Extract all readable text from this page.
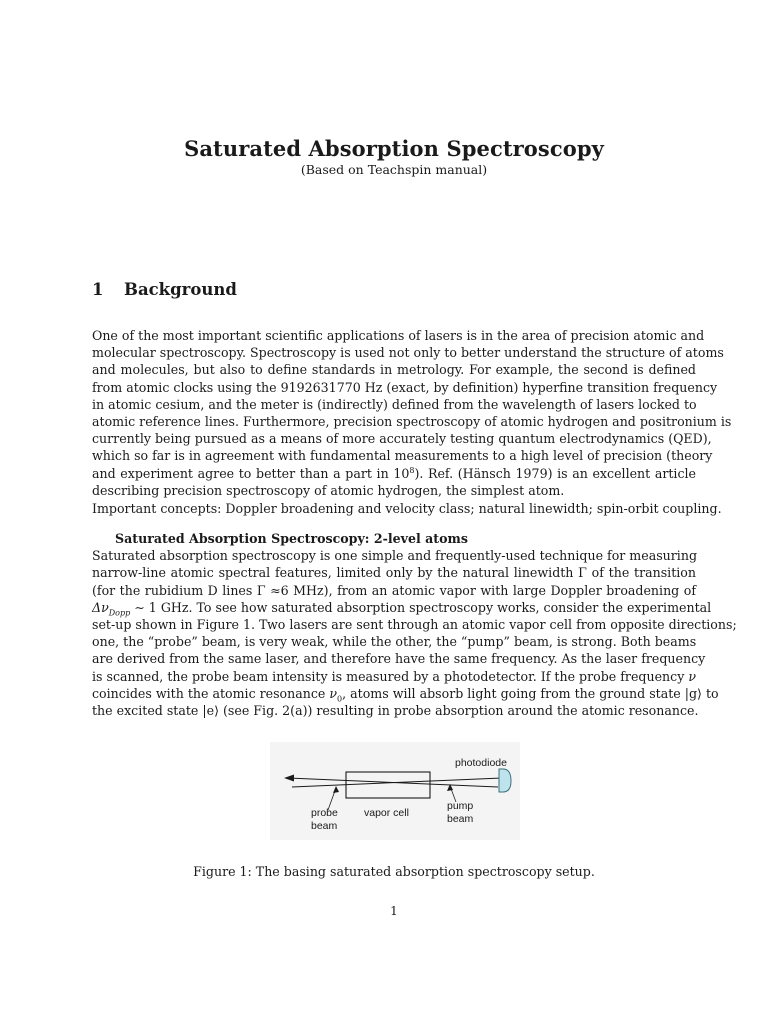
Saturated Absorption Spectroscopy
(Based on Teachspin manual)
1 Background
One of the most important scientific applications of lasers is in the area of precision atomic and
molecular spectroscopy. Spectroscopy is used not only to better understand the structure of atoms
and molecules, but also to define standards in metrology. For example, the second is defined
from atomic clocks using the 9192631770 Hz (exact, by definition) hyperfine transition frequency
in atomic cesium, and the meter is (indirectly) defined from the wavelength of lasers locked to
atomic reference lines. Furthermore, precision spectroscopy of atomic hydrogen and positronium is
currently being pursued as a means of more accurately testing quantum electrodynamics (QED),
which so far is in agreement with fundamental measurements to a high level of precision (theory
and experiment agree to better than a part in $10^8$). Ref. (Hänsch 1979) is an excellent article
describing precision spectroscopy of atomic hydrogen, the simplest atom.
Important concepts: Doppler broadening and velocity class; natural linewidth; spin-orbit coupling.
Saturated Absorption Spectroscopy: 2-level atoms
Saturated absorption spectroscopy is one simple and frequently-used technique for measuring
narrow-line atomic spectral features, limited only by the natural linewidth Γ of the transition
(for the rubidium D lines Γ ≈6 MHz), from an atomic vapor with large Doppler broadening of
$\Delta\nu_{Dopp}$ ∼ 1 GHz. To see how saturated absorption spectroscopy works, consider the experimental
set-up shown in Figure 1. Two lasers are sent through an atomic vapor cell from opposite directions;
one, the “probe” beam, is very weak, while the other, the “pump” beam, is strong. Both beams
are derived from the same laser, and therefore have the same frequency. As the laser frequency
is scanned, the probe beam intensity is measured by a photodetector. If the probe frequency ν
coincides with the atomic resonance $\nu_0$, atoms will absorb light going from the ground state |g⟩ to
the excited state |e⟩ (see Fig. 2(a)) resulting in probe absorption around the atomic resonance.
photodiode
probe
beam
vapor cell
pump
beam
Figure 1: The basing saturated absorption spectroscopy setup.
1
